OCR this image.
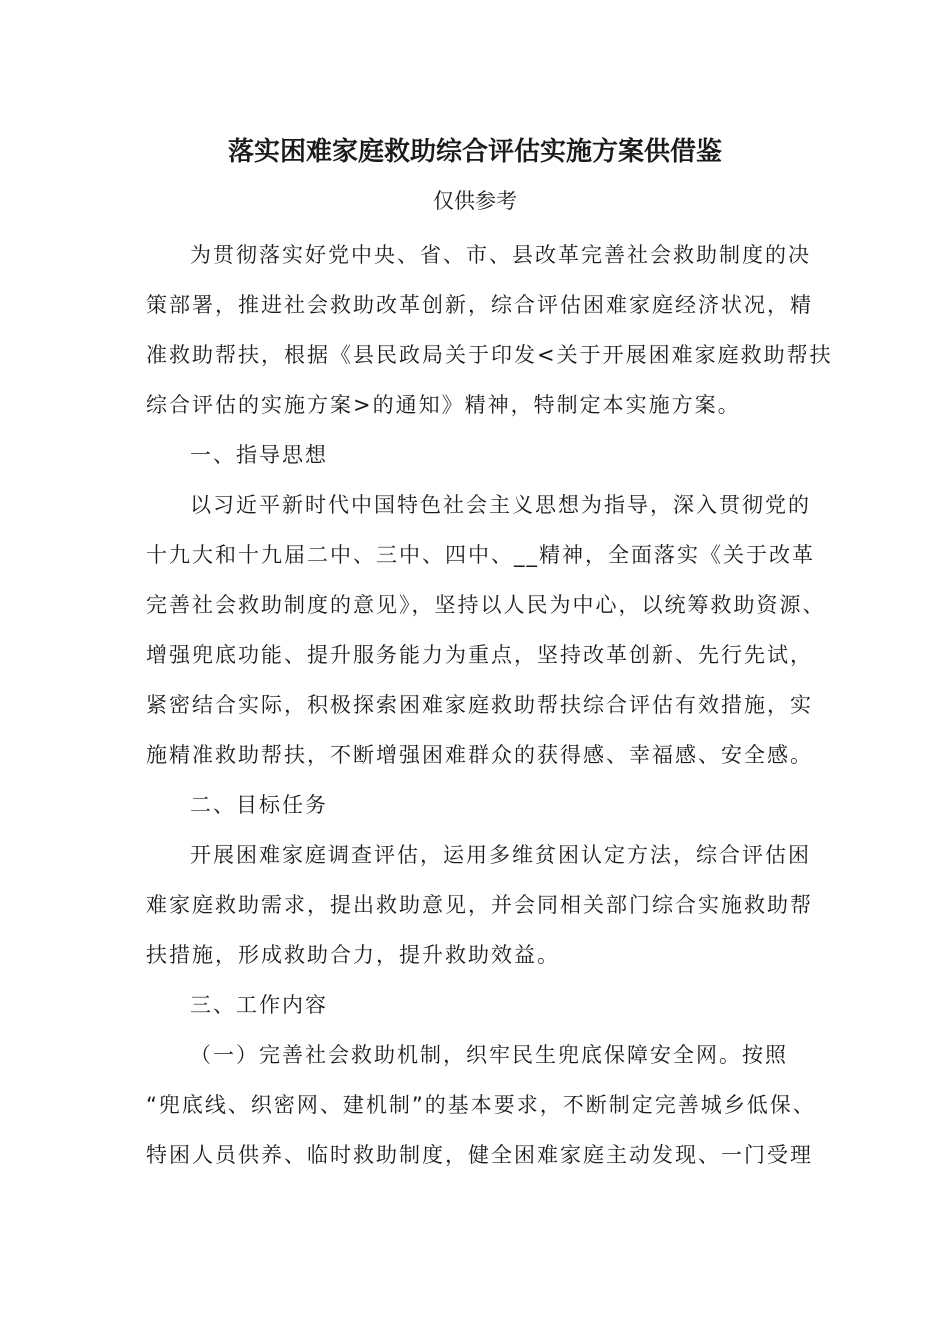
落实困难家庭救助综合评估实施方案供借鉴
仅供参考

为贯彻落实好党中央、省、市、县改革完善社会救助制度的决
策部署，推进社会救助改革创新，综合评估困难家庭经济状况，精
准救助帮扶，根据《县民政局关于印发<关于开展困难家庭救助帮扶
综合评估的实施方案>的通知》精神，特制定本实施方案。

一、指导思想

以习近平新时代中国特色社会主义思想为指导，深入贯彻党的
十九大和十九届二中、三中、四中、__精神，全面落实《关于改革
完善社会救助制度的意见》，坚持以人民为中心，以统筹救助资源、
增强兜底功能、提升服务能力为重点，坚持改革创新、先行先试，
紧密结合实际，积极探索困难家庭救助帮扶综合评估有效措施，实
施精准救助帮扶，不断增强困难群众的获得感、幸福感、安全感。

二、目标任务

开展困难家庭调查评估，运用多维贫困认定方法，综合评估困
难家庭救助需求，提出救助意见，并会同相关部门综合实施救助帮
扶措施，形成救助合力，提升救助效益。

三、工作内容

（一）完善社会救助机制，织牢民生兜底保障安全网。按照
“兜底线、织密网、建机制”的基本要求，不断制定完善城乡低保、
特困人员供养、临时救助制度，健全困难家庭主动发现、一门受理
